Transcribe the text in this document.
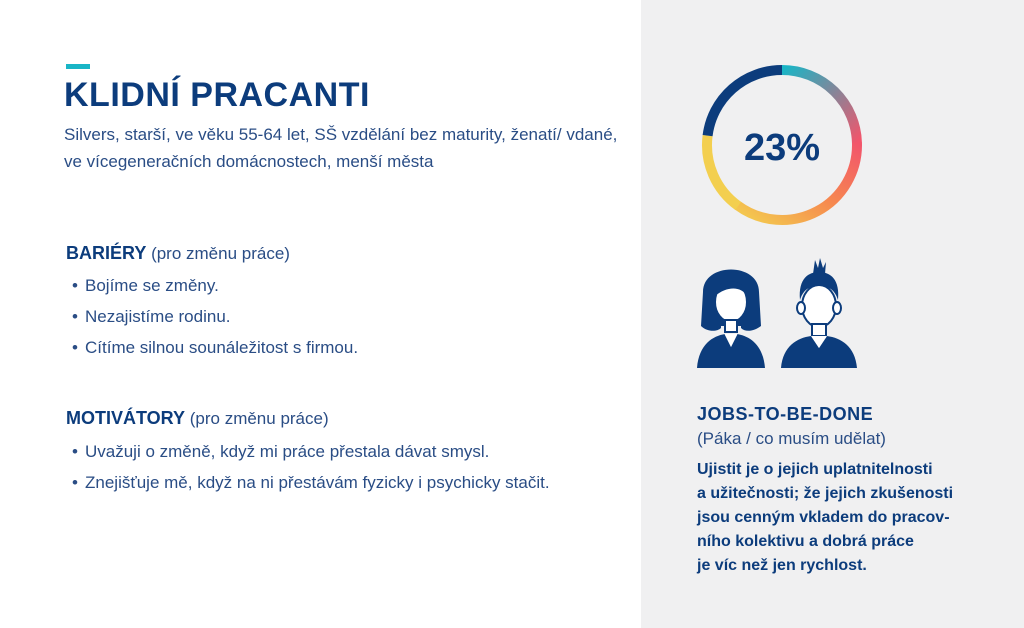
KLIDNÍ PRACANTI

Silvers, starší, ve věku 55-64 let, SŠ vzdělání bez maturity, ženatí/ vdané, ve vícegeneračních domácnostech, menší města

BARIÉRY (pro změnu práce)
• Bojíme se změny.
• Nezajistíme rodinu.
• Cítíme silnou sounáležitost s firmou.
MOTIVÁTORY (pro změnu práce)
• Uvažuji o změně, když mi práce přestala dávat smysl.
• Znejišťuje mě, když na ni přestávám fyzicky i psychicky stačit.
23%
JOBS-TO-BE-DONE
(Páka / co musím udělat)
Ujistit je o jejich uplatnitelnosti
a užitečnosti; že jejich zkušenosti
jsou cenným vkladem do pracov-
ního kolektivu a dobrá práce
je víc než jen rychlost.
